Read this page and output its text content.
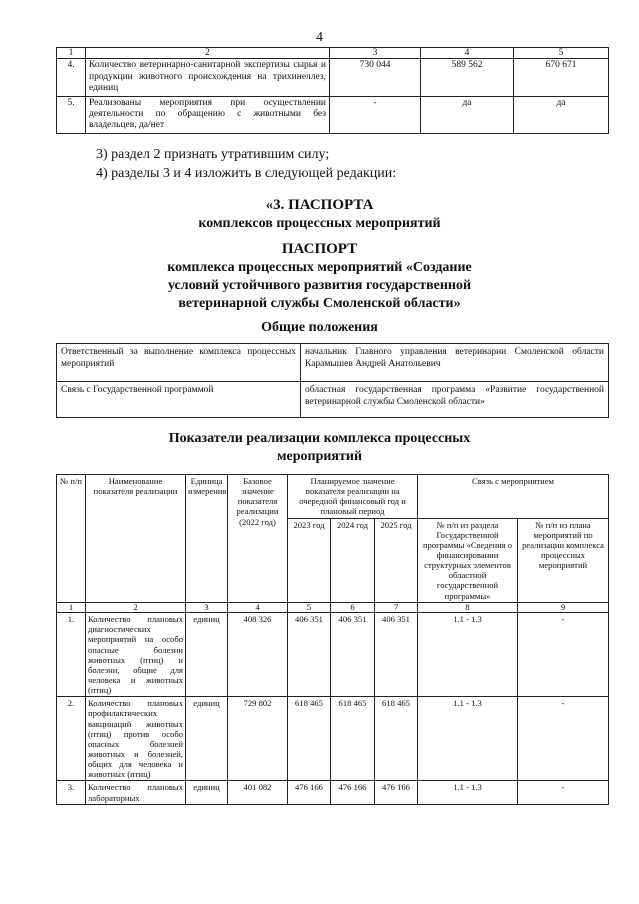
4
1	2	3	4	5
4.	Количество ветеринарно-санитарной экспертизы сырья и продукции животного происхождения на трихинеллез, единиц	730 044	589 562	670 671
5.	Реализованы мероприятия при осуществлении деятельности по обращению с животными без владельцев, да/нет	-	да	да
3) раздел 2 признать утратившим силу;
4) разделы 3 и 4 изложить в следующей редакции:
«3. ПАСПОРТА
комплексов процессных мероприятий
ПАСПОРТ
комплекса процессных мероприятий «Создание
условий устойчивого развития государственной
ветеринарной службы Смоленской области»
Общие положения
Ответственный за выполнение комплекса процессных мероприятий	начальник Главного управления ветеринарии Смоленской области Карамышев Андрей Анатольевич
Связь с Государственной программой	областная государственная программа «Развитие государственной ветеринарной службы Смоленской области»
Показатели реализации комплекса процессных
мероприятий
№ п/п	Наименование показателя реализации	Единица измерения	Базовое значение показателя реализации (2022 год)	Планируемое значение показателя реализации на очередной финансовый год и плановый период			Связь с мероприятием	
				2023 год	2024 год	2025 год	№ п/п из раздела Государственной программы «Сведения о финансировании структурных элементов областной государственной программы»	№ п/п из плана мероприятий по реализации комплекса процессных мероприятий

1	2	3	4	5	6	7	8	9
1.	Количество плановых диагностических мероприятий на особо опасные болезни животных (птиц) и болезни, общие для человека и животных (птиц)	единиц	408 326	406 351	406 351	406 351	1.1 - 1.3	-
2.	Количество плановых профилактических вакцинаций животных (птиц) против особо опасных болезней животных и болезней, общих для человека и животных (птиц)	единиц	729 802	618 465	618 465	618 465	1.1 - 1.3	-
3.	Количество плановых лабораторных	единиц	401 082	476 166	476 166	476 166	1.1 - 1.3	-
